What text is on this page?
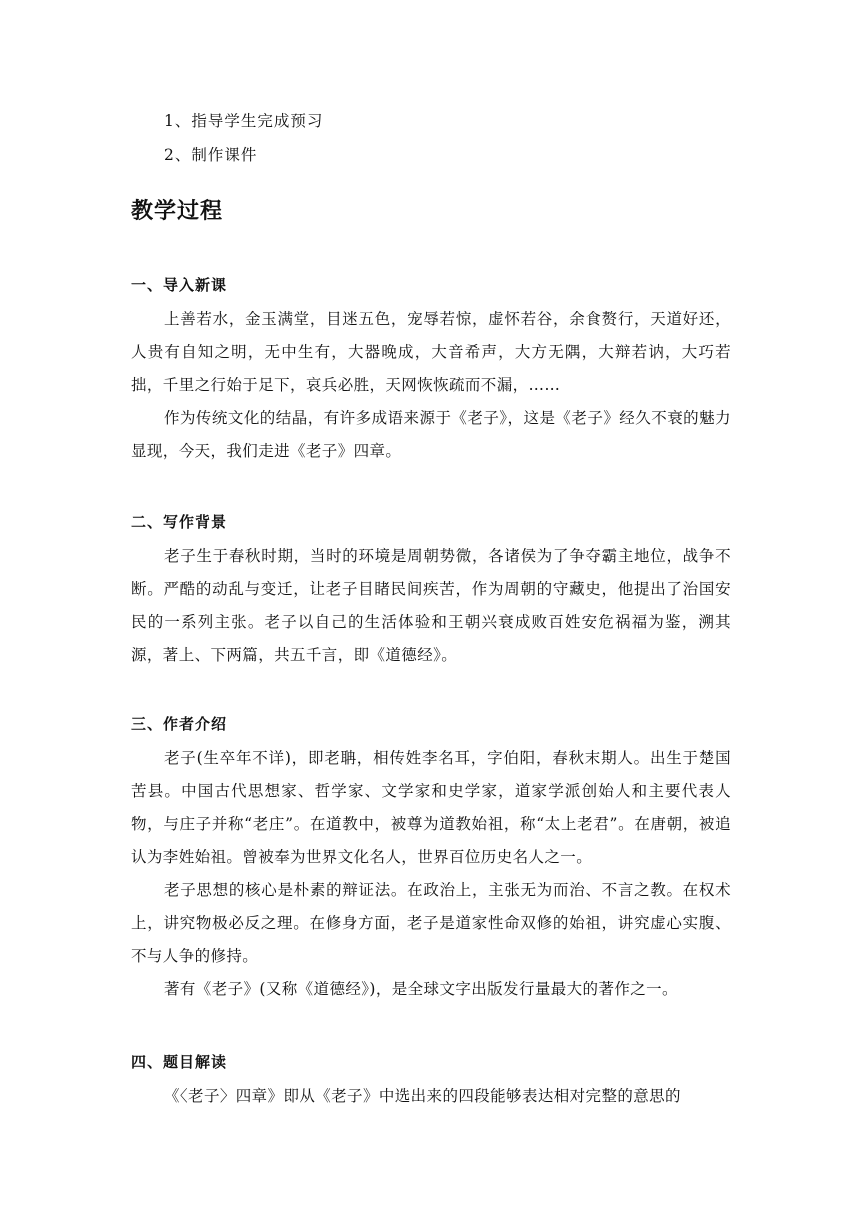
1、指导学生完成预习
2、制作课件
教学过程
一、导入新课

上善若水，金玉满堂，目迷五色，宠辱若惊，虚怀若谷，余食赘行，天道好还，人贵有自知之明，无中生有，大器晚成，大音希声，大方无隅，大辩若讷，大巧若拙，千里之行始于足下，哀兵必胜，天网恢恢疏而不漏，……

作为传统文化的结晶，有许多成语来源于《老子》，这是《老子》经久不衰的魅力显现，今天，我们走进《老子》四章。

二、写作背景

老子生于春秋时期，当时的环境是周朝势微，各诸侯为了争夺霸主地位，战争不断。严酷的动乱与变迁，让老子目睹民间疾苦，作为周朝的守藏史，他提出了治国安民的一系列主张。老子以自己的生活体验和王朝兴衰成败百姓安危祸福为鉴，溯其源，著上、下两篇，共五千言，即《道德经》。

三、作者介绍

老子(生卒年不详)，即老聃，相传姓李名耳，字伯阳，春秋末期人。出生于楚国苦县。中国古代思想家、哲学家、文学家和史学家，道家学派创始人和主要代表人物，与庄子并称“老庄”。在道教中，被尊为道教始祖，称“太上老君”。在唐朝，被追认为李姓始祖。曾被奉为世界文化名人，世界百位历史名人之一。

老子思想的核心是朴素的辩证法。在政治上，主张无为而治、不言之教。在权术上，讲究物极必反之理。在修身方面，老子是道家性命双修的始祖，讲究虚心实腹、不与人争的修持。

著有《老子》(又称《道德经》)，是全球文字出版发行量最大的著作之一。

四、题目解读

《〈老子〉四章》即从《老子》中选出来的四段能够表达相对完整的意思的
